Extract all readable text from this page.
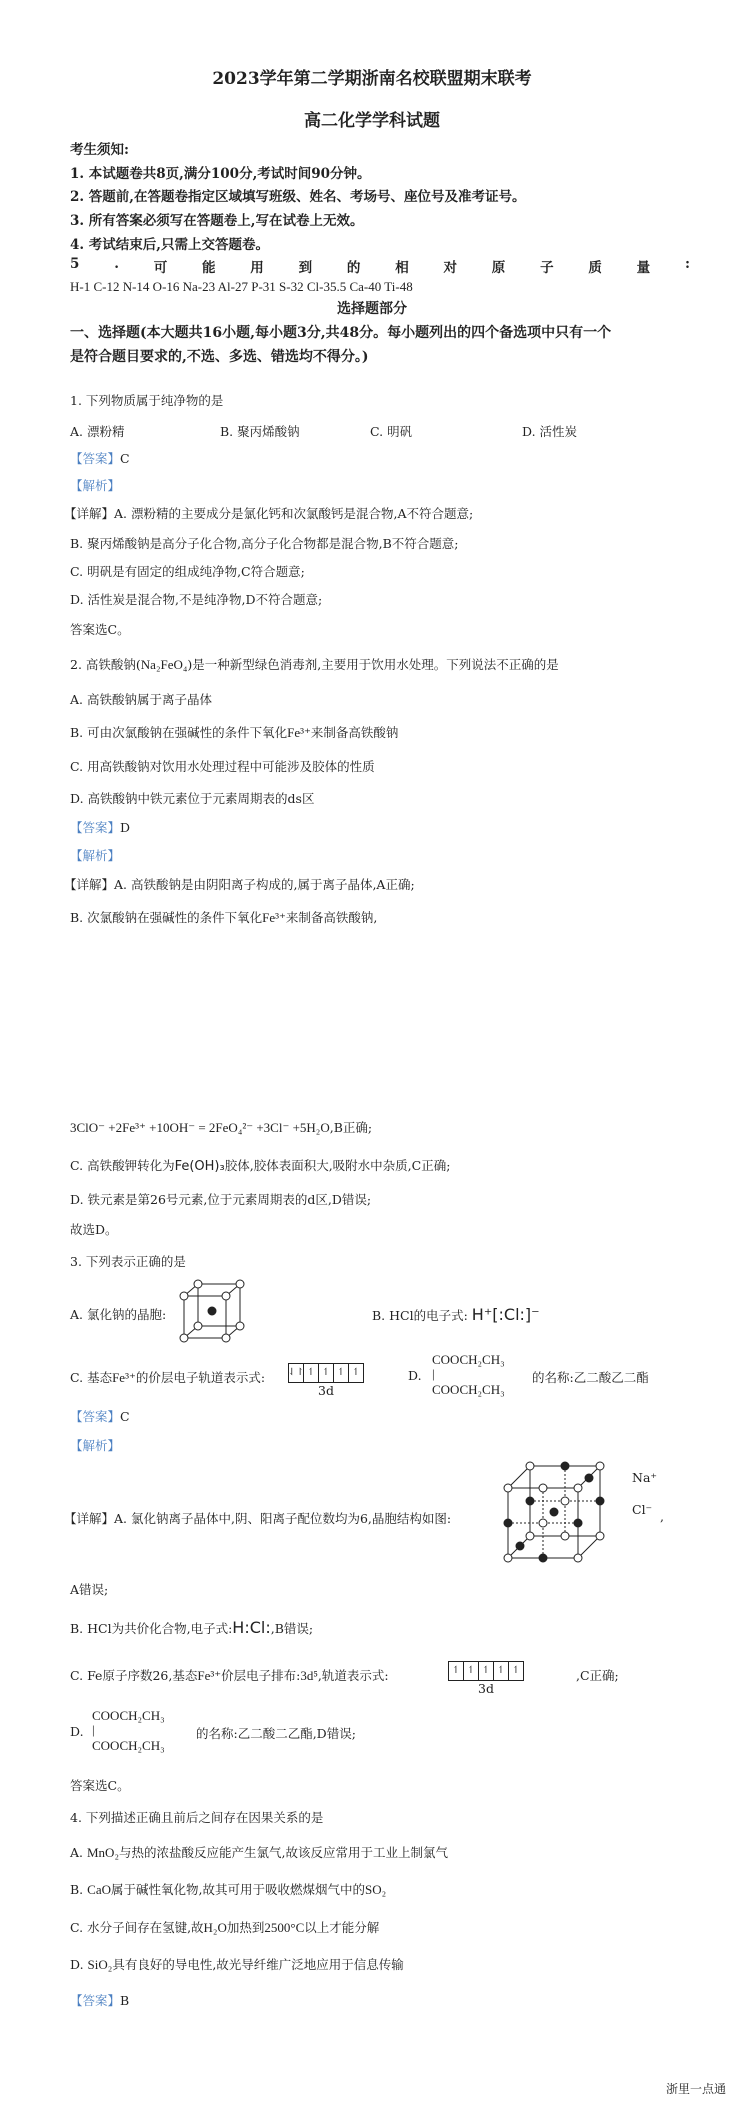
2023学年第二学期浙南名校联盟期末联考
高二化学学科试题
考生须知:
1. 本试题卷共8页,满分100分,考试时间90分钟。
2. 答题前,在答题卷指定区域填写班级、姓名、考场号、座位号及准考证号。
3. 所有答案必须写在答题卷上,写在试卷上无效。
4. 考试结束后,只需上交答题卷。
5	.	可	能	用	到	的	相	对	原	子	质	量	:
H-1 C-12 N-14 O-16 Na-23 Al-27 P-31 S-32 Cl-35.5 Ca-40 Ti-48
选择题部分
一、选择题(本大题共16小题,每小题3分,共48分。每小题列出的四个备选项中只有一个
是符合题目要求的,不选、多选、错选均不得分。)
1. 下列物质属于纯净物的是
A. 漂粉精	B. 聚丙烯酸钠	C. 明矾	D. 活性炭
【答案】C
【解析】
【详解】A. 漂粉精的主要成分是氯化钙和次氯酸钙是混合物,A不符合题意;
B. 聚丙烯酸钠是高分子化合物,高分子化合物都是混合物,B不符合题意;
C. 明矾是有固定的组成纯净物,C符合题意;
D. 活性炭是混合物,不是纯净物,D不符合题意;
答案选C。
2. 高铁酸钠(Na₂FeO₄)是一种新型绿色消毒剂,主要用于饮用水处理。下列说法不正确的是
A. 高铁酸钠属于离子晶体
B. 可由次氯酸钠在强碱性的条件下氧化Fe³⁺来制备高铁酸钠
C. 用高铁酸钠对饮用水处理过程中可能涉及胶体的性质
D. 高铁酸钠中铁元素位于元素周期表的ds区
【答案】D
【解析】
【详解】A. 高铁酸钠是由阴阳离子构成的,属于离子晶体,A正确;
B. 次氯酸钠在强碱性的条件下氧化Fe³⁺来制备高铁酸钠,
3ClO⁻ +2Fe³⁺ +10OH⁻ = 2FeO₄²⁻ +3Cl⁻ +5H₂O,B正确;
C. 高铁酸钾转化为Fe(OH)₃胶体,胶体表面积大,吸附水中杂质,C正确;
D. 铁元素是第26号元素,位于元素周期表的d区,D错误;
故选D。
3. 下列表示正确的是
A. 氯化钠的晶胞:	B. HCl的电子式: H⁺[:Cl:]⁻
C. 基态Fe³⁺的价层电子轨道表示式: ⇃↾ ↿ ↿ ↿ ↿
3d
D.
COOCH₂CH₃
|
COOCH₂CH₃
的名称:乙二酸乙二酯
【答案】C
【解析】
【详解】A. 氯化钠离子晶体中,阴、阳离子配位数均为6,晶胞结构如图:
Na⁺
Cl⁻ ,
A错误;
B. HCl为共价化合物,电子式:H:Cl:,B错误;
C. Fe原子序数26,基态Fe³⁺价层电子排布:3d⁵,轨道表示式:	↿ ↿ ↿ ↿ ↿
3d
,C正确;
D.
COOCH₂CH₃
|
COOCH₂CH₃
的名称:乙二酸二乙酯,D错误;
答案选C。
4. 下列描述正确且前后之间存在因果关系的是
A. MnO₂与热的浓盐酸反应能产生氯气,故该反应常用于工业上制氯气
B. CaO属于碱性氧化物,故其可用于吸收燃煤烟气中的SO₂
C. 水分子间存在氢键,故H₂O加热到2500°C以上才能分解
D. SiO₂具有良好的导电性,故光导纤维广泛地应用于信息传输
【答案】B
浙里一点通
